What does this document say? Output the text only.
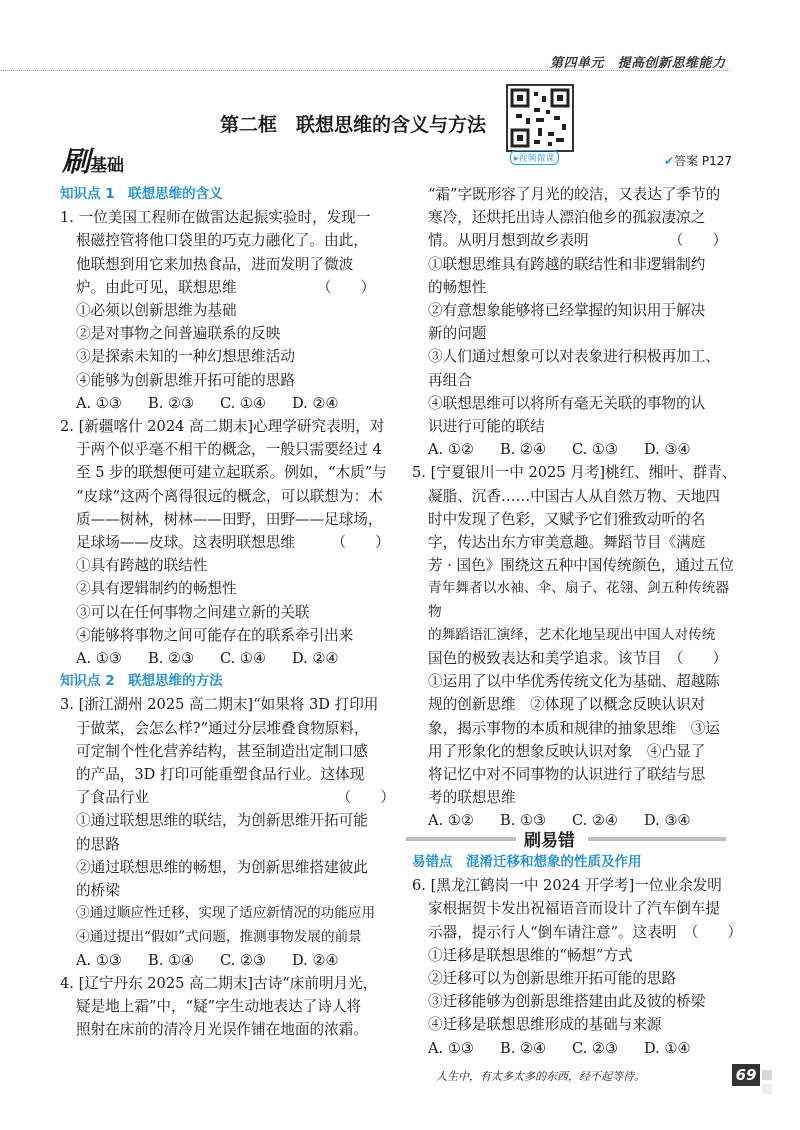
第四单元　提高创新思维能力
第二框　联想思维的含义与方法
▸视频微课
刷基础	✔答案 P127

知识点 1　联想思维的含义

1. 一位美国工程师在做雷达起振实验时，发现一

根磁控管将他口袋里的巧克力融化了。由此，

他联想到用它来加热食品，进而发明了微波

炉。由此可见，联想思维　　　　　　（　　）

①必须以创新思维为基础

②是对事物之间普遍联系的反映

③是探索未知的一种幻想思维活动

④能够为创新思维开拓可能的思路

A. ①③ B. ②③ C. ①④ D. ②④

2. [新疆喀什 2024 高二期末]心理学研究表明，对

于两个似乎毫不相干的概念，一般只需要经过 4

至 5 步的联想便可建立起联系。例如，“木质”与

“皮球”这两个离得很远的概念，可以联想为：木

质——树林，树林——田野，田野——足球场，

足球场——皮球。这表明联想思维　　　（　　）

①具有跨越的联结性

②具有逻辑制约的畅想性

③可以在任何事物之间建立新的关联

④能够将事物之间可能存在的联系牵引出来

A. ①③ B. ②③ C. ①④ D. ②④

知识点 2　联想思维的方法

3. [浙江湖州 2025 高二期末]“如果将 3D 打印用

于做菜，会怎么样?”通过分层堆叠食物原料，

可定制个性化营养结构，甚至制造出定制口感

的产品，3D 打印可能重塑食品行业。这体现

了食品行业	（　　）

①通过联想思维的联结，为创新思维开拓可能

的思路

②通过联想思维的畅想，为创新思维搭建彼此

的桥梁

③通过顺应性迁移，实现了适应新情况的功能应用

④通过提出“假如”式问题，推测事物发展的前景

A. ①③ B. ①④ C. ②③ D. ②④

4. [辽宁丹东 2025 高二期末]古诗“床前明月光，

疑是地上霜”中，“疑”字生动地表达了诗人将

照射在床前的清冷月光误作铺在地面的浓霜。

“霜”字既形容了月光的皎洁，又表达了季节的

寒冷，还烘托出诗人漂泊他乡的孤寂凄凉之

情。从明月想到故乡表明　　　　　　（　　）

①联想思维具有跨越的联结性和非逻辑制约

的畅想性

②有意想象能够将已经掌握的知识用于解决

新的问题

③人们通过想象可以对表象进行积极再加工、

再组合

④联想思维可以将所有毫无关联的事物的认

识进行可能的联结

A. ①② B. ②④ C. ①③ D. ③④

5. [宁夏银川一中 2025 月考]桃红、缃叶、群青、

凝脂、沉香……中国古人从自然万物、天地四

时中发现了色彩，又赋予它们雅致动听的名

字，传达出东方审美意趣。舞蹈节目《满庭

芳 · 国色》围绕这五种中国传统颜色，通过五位

青年舞者以水袖、伞、扇子、花翎、剑五种传统器物

的舞蹈语汇演绎，艺术化地呈现出中国人对传统

国色的极致表达和美学追求。该节目　（　　）

①运用了以中华优秀传统文化为基础、超越陈

规的创新思维　②体现了以概念反映认识对

象，揭示事物的本质和规律的抽象思维　③运

用了形象化的想象反映认识对象　④凸显了

将记忆中对不同事物的认识进行了联结与思

考的联想思维

A. ①② B. ①③ C. ②④ D. ③④

刷易错

易错点　混淆迁移和想象的性质及作用

6. [黑龙江鹤岗一中 2024 开学考]一位业余发明

家根据贺卡发出祝福语音而设计了汽车倒车提

示器，提示行人“倒车请注意”。这表明　（　　）

①迁移是联想思维的“畅想”方式

②迁移可以为创新思维开拓可能的思路

③迁移能够为创新思维搭建由此及彼的桥梁

④迁移是联想思维形成的基础与来源

A. ①③ B. ②④ C. ②③ D. ①④

人生中，有太多太多的东西，经不起等待。	69
